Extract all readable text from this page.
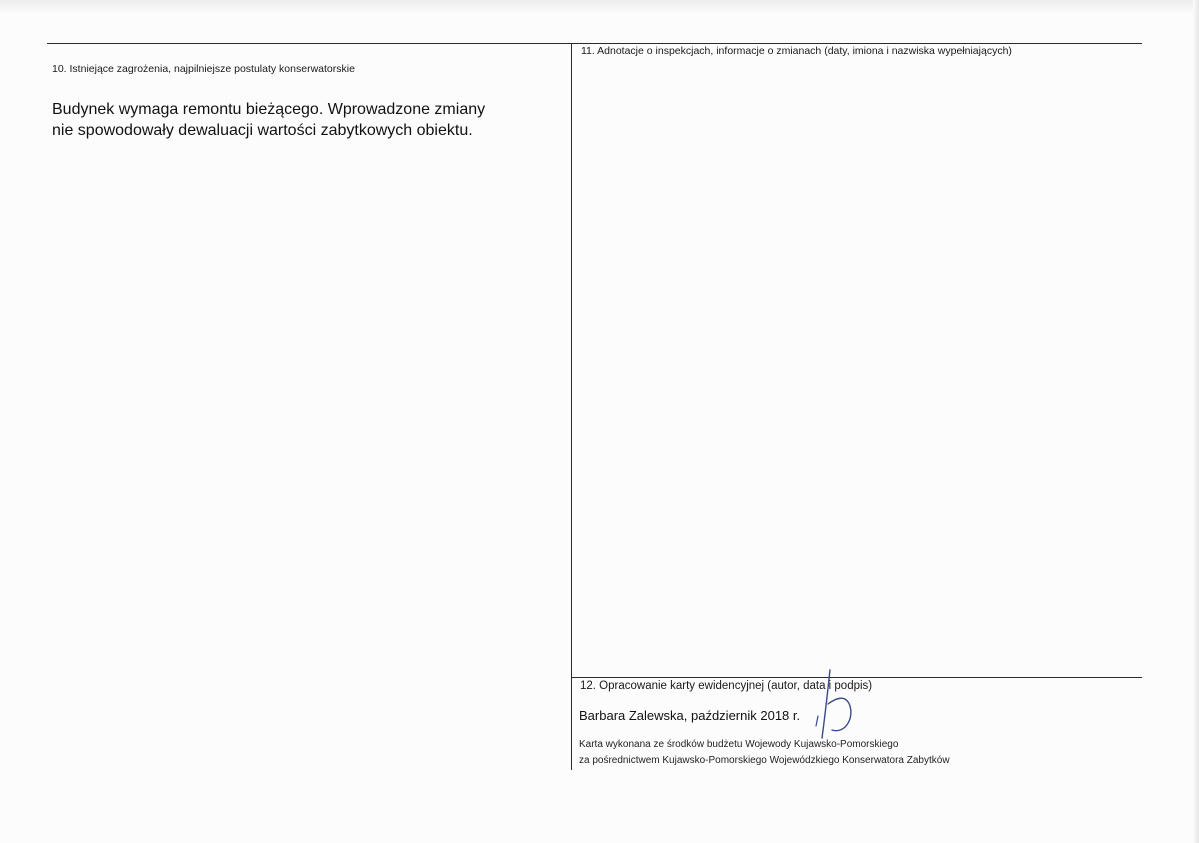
10. Istniejące zagrożenia, najpilniejsze postulaty konserwatorskie
Budynek wymaga remontu bieżącego. Wprowadzone zmiany
nie spowodowały dewaluacji wartości zabytkowych obiektu.
11. Adnotacje o inspekcjach, informacje o zmianach (daty, imiona i nazwiska wypełniających)
12. Opracowanie karty ewidencyjnej (autor, data i podpis)
Barbara Zalewska, październik 2018 r.
Karta wykonana ze środków budżetu Wojewody Kujawsko-Pomorskiego
za pośrednictwem Kujawsko-Pomorskiego Wojewódzkiego Konserwatora Zabytków
